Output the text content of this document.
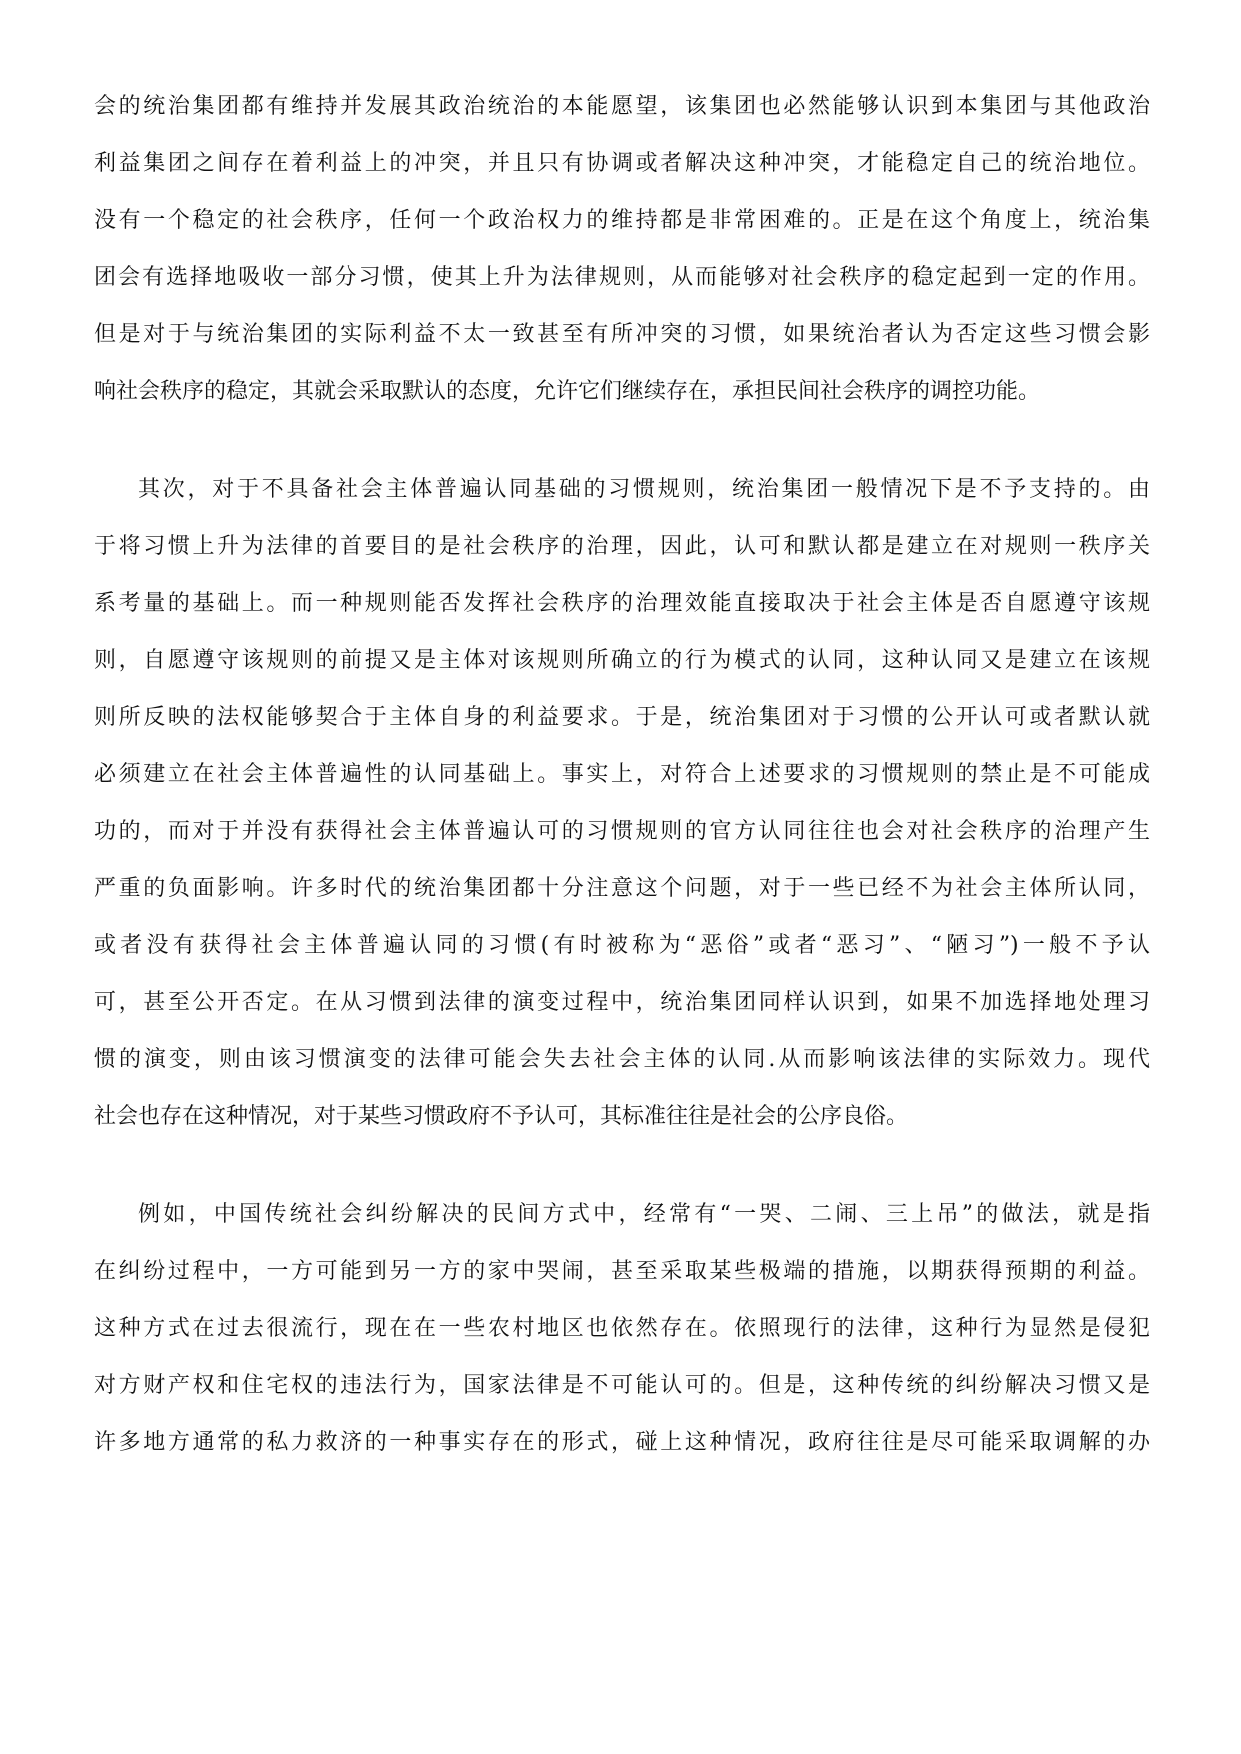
会的统治集团都有维持并发展其政治统治的本能愿望，该集团也必然能够认识到本集团与其他政治
利益集团之间存在着利益上的冲突，并且只有协调或者解决这种冲突，才能稳定自己的统治地位。
没有一个稳定的社会秩序，任何一个政治权力的维持都是非常困难的。正是在这个角度上，统治集
团会有选择地吸收一部分习惯，使其上升为法律规则，从而能够对社会秩序的稳定起到一定的作用。
但是对于与统治集团的实际利益不太一致甚至有所冲突的习惯，如果统治者认为否定这些习惯会影
响社会秩序的稳定，其就会采取默认的态度，允许它们继续存在，承担民间社会秩序的调控功能。
其次，对于不具备社会主体普遍认同基础的习惯规则，统治集团一般情况下是不予支持的。由
于将习惯上升为法律的首要目的是社会秩序的治理，因此，认可和默认都是建立在对规则一秩序关
系考量的基础上。而一种规则能否发挥社会秩序的治理效能直接取决于社会主体是否自愿遵守该规
则，自愿遵守该规则的前提又是主体对该规则所确立的行为模式的认同，这种认同又是建立在该规
则所反映的法权能够契合于主体自身的利益要求。于是，统治集团对于习惯的公开认可或者默认就
必须建立在社会主体普遍性的认同基础上。事实上，对符合上述要求的习惯规则的禁止是不可能成
功的，而对于并没有获得社会主体普遍认可的习惯规则的官方认同往往也会对社会秩序的治理产生
严重的负面影响。许多时代的统治集团都十分注意这个问题，对于一些已经不为社会主体所认同，
或者没有获得社会主体普遍认同的习惯(有时被称为“恶俗”或者“恶习”、“陋习”)一般不予认
可，甚至公开否定。在从习惯到法律的演变过程中，统治集团同样认识到，如果不加选择地处理习
惯的演变，则由该习惯演变的法律可能会失去社会主体的认同.从而影响该法律的实际效力。现代
社会也存在这种情况，对于某些习惯政府不予认可，其标准往往是社会的公序良俗。
例如，中国传统社会纠纷解决的民间方式中，经常有“一哭、二闹、三上吊”的做法，就是指
在纠纷过程中，一方可能到另一方的家中哭闹，甚至采取某些极端的措施，以期获得预期的利益。
这种方式在过去很流行，现在在一些农村地区也依然存在。依照现行的法律，这种行为显然是侵犯
对方财产权和住宅权的违法行为，国家法律是不可能认可的。但是，这种传统的纠纷解决习惯又是
许多地方通常的私力救济的一种事实存在的形式，碰上这种情况，政府往往是尽可能采取调解的办
